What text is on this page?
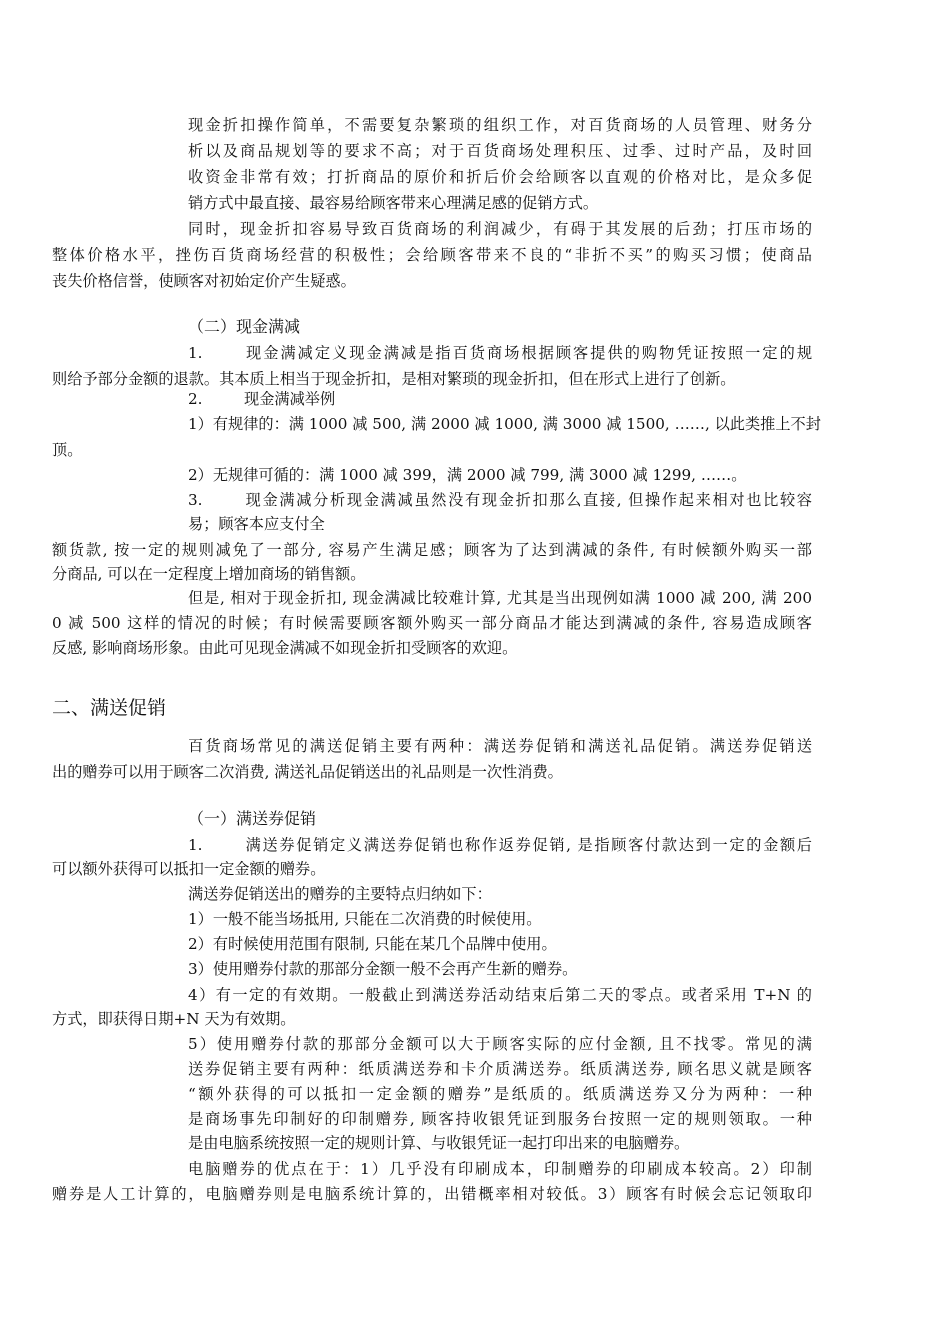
现金折扣操作简单，不需要复杂繁琐的组织工作，对百货商场的人员管理、财务分
析以及商品规划等的要求不高；对于百货商场处理积压、过季、过时产品，及时回
收资金非常有效；打折商品的原价和折后价会给顾客以直观的价格对比，是众多促
销方式中最直接、最容易给顾客带来心理满足感的促销方式。
同时，现金折扣容易导致百货商场的利润减少，有碍于其发展的后劲；打压市场的
整体价格水平，挫伤百货商场经营的积极性；会给顾客带来不良的“非折不买”的购买习惯；使商品
丧失价格信誉，使顾客对初始定价产生疑惑。
（二）现金满减
1.	现金满减定义现金满减是指百货商场根据顾客提供的购物凭证按照一定的规
则给予部分金额的退款。其本质上相当于现金折扣，是相对繁琐的现金折扣，但在形式上进行了创新。
2.	现金满减举例
1）有规律的：满 1000 减 500, 满 2000 减 1000, 满 3000 减 1500, ……, 以此类推上不封
顶。
2）无规律可循的：满 1000 减 399，满 2000 减 799, 满 3000 减 1299, ……。
3.	现金满减分析现金满减虽然没有现金折扣那么直接, 但操作起来相对也比较容
易；顾客本应支付全
额货款, 按一定的规则减免了一部分, 容易产生满足感；顾客为了达到满减的条件, 有时候额外购买一部
分商品, 可以在一定程度上增加商场的销售额。
但是, 相对于现金折扣, 现金满减比较难计算, 尤其是当出现例如满 1000 减 200, 满 200
0 减 500 这样的情况的时候；有时候需要顾客额外购买一部分商品才能达到满减的条件, 容易造成顾客
反感, 影响商场形象。由此可见现金满减不如现金折扣受顾客的欢迎。
二、满送促销
百货商场常见的满送促销主要有两种：满送券促销和满送礼品促销。满送券促销送
出的赠券可以用于顾客二次消费, 满送礼品促销送出的礼品则是一次性消费。
（一）满送券促销
1.	满送券促销定义满送券促销也称作返券促销, 是指顾客付款达到一定的金额后
可以额外获得可以抵扣一定金额的赠券。
满送券促销送出的赠券的主要特点归纳如下：
1）一般不能当场抵用, 只能在二次消费的时候使用。
2）有时候使用范围有限制, 只能在某几个品牌中使用。
3）使用赠券付款的那部分金额一般不会再产生新的赠券。
4）有一定的有效期。一般截止到满送券活动结束后第二天的零点。或者采用 T+N 的
方式，即获得日期+N 天为有效期。
5）使用赠券付款的那部分金额可以大于顾客实际的应付金额, 且不找零。常见的满
送券促销主要有两种：纸质满送券和卡介质满送券。纸质满送券, 顾名思义就是顾客
“额外获得的可以抵扣一定金额的赠券”是纸质的。纸质满送券又分为两种：一种
是商场事先印制好的印制赠券, 顾客持收银凭证到服务台按照一定的规则领取。一种
是由电脑系统按照一定的规则计算、与收银凭证一起打印出来的电脑赠券。
电脑赠券的优点在于：1）几乎没有印刷成本，印制赠券的印刷成本较高。2）印制
赠券是人工计算的，电脑赠券则是电脑系统计算的，出错概率相对较低。3）顾客有时候会忘记领取印
